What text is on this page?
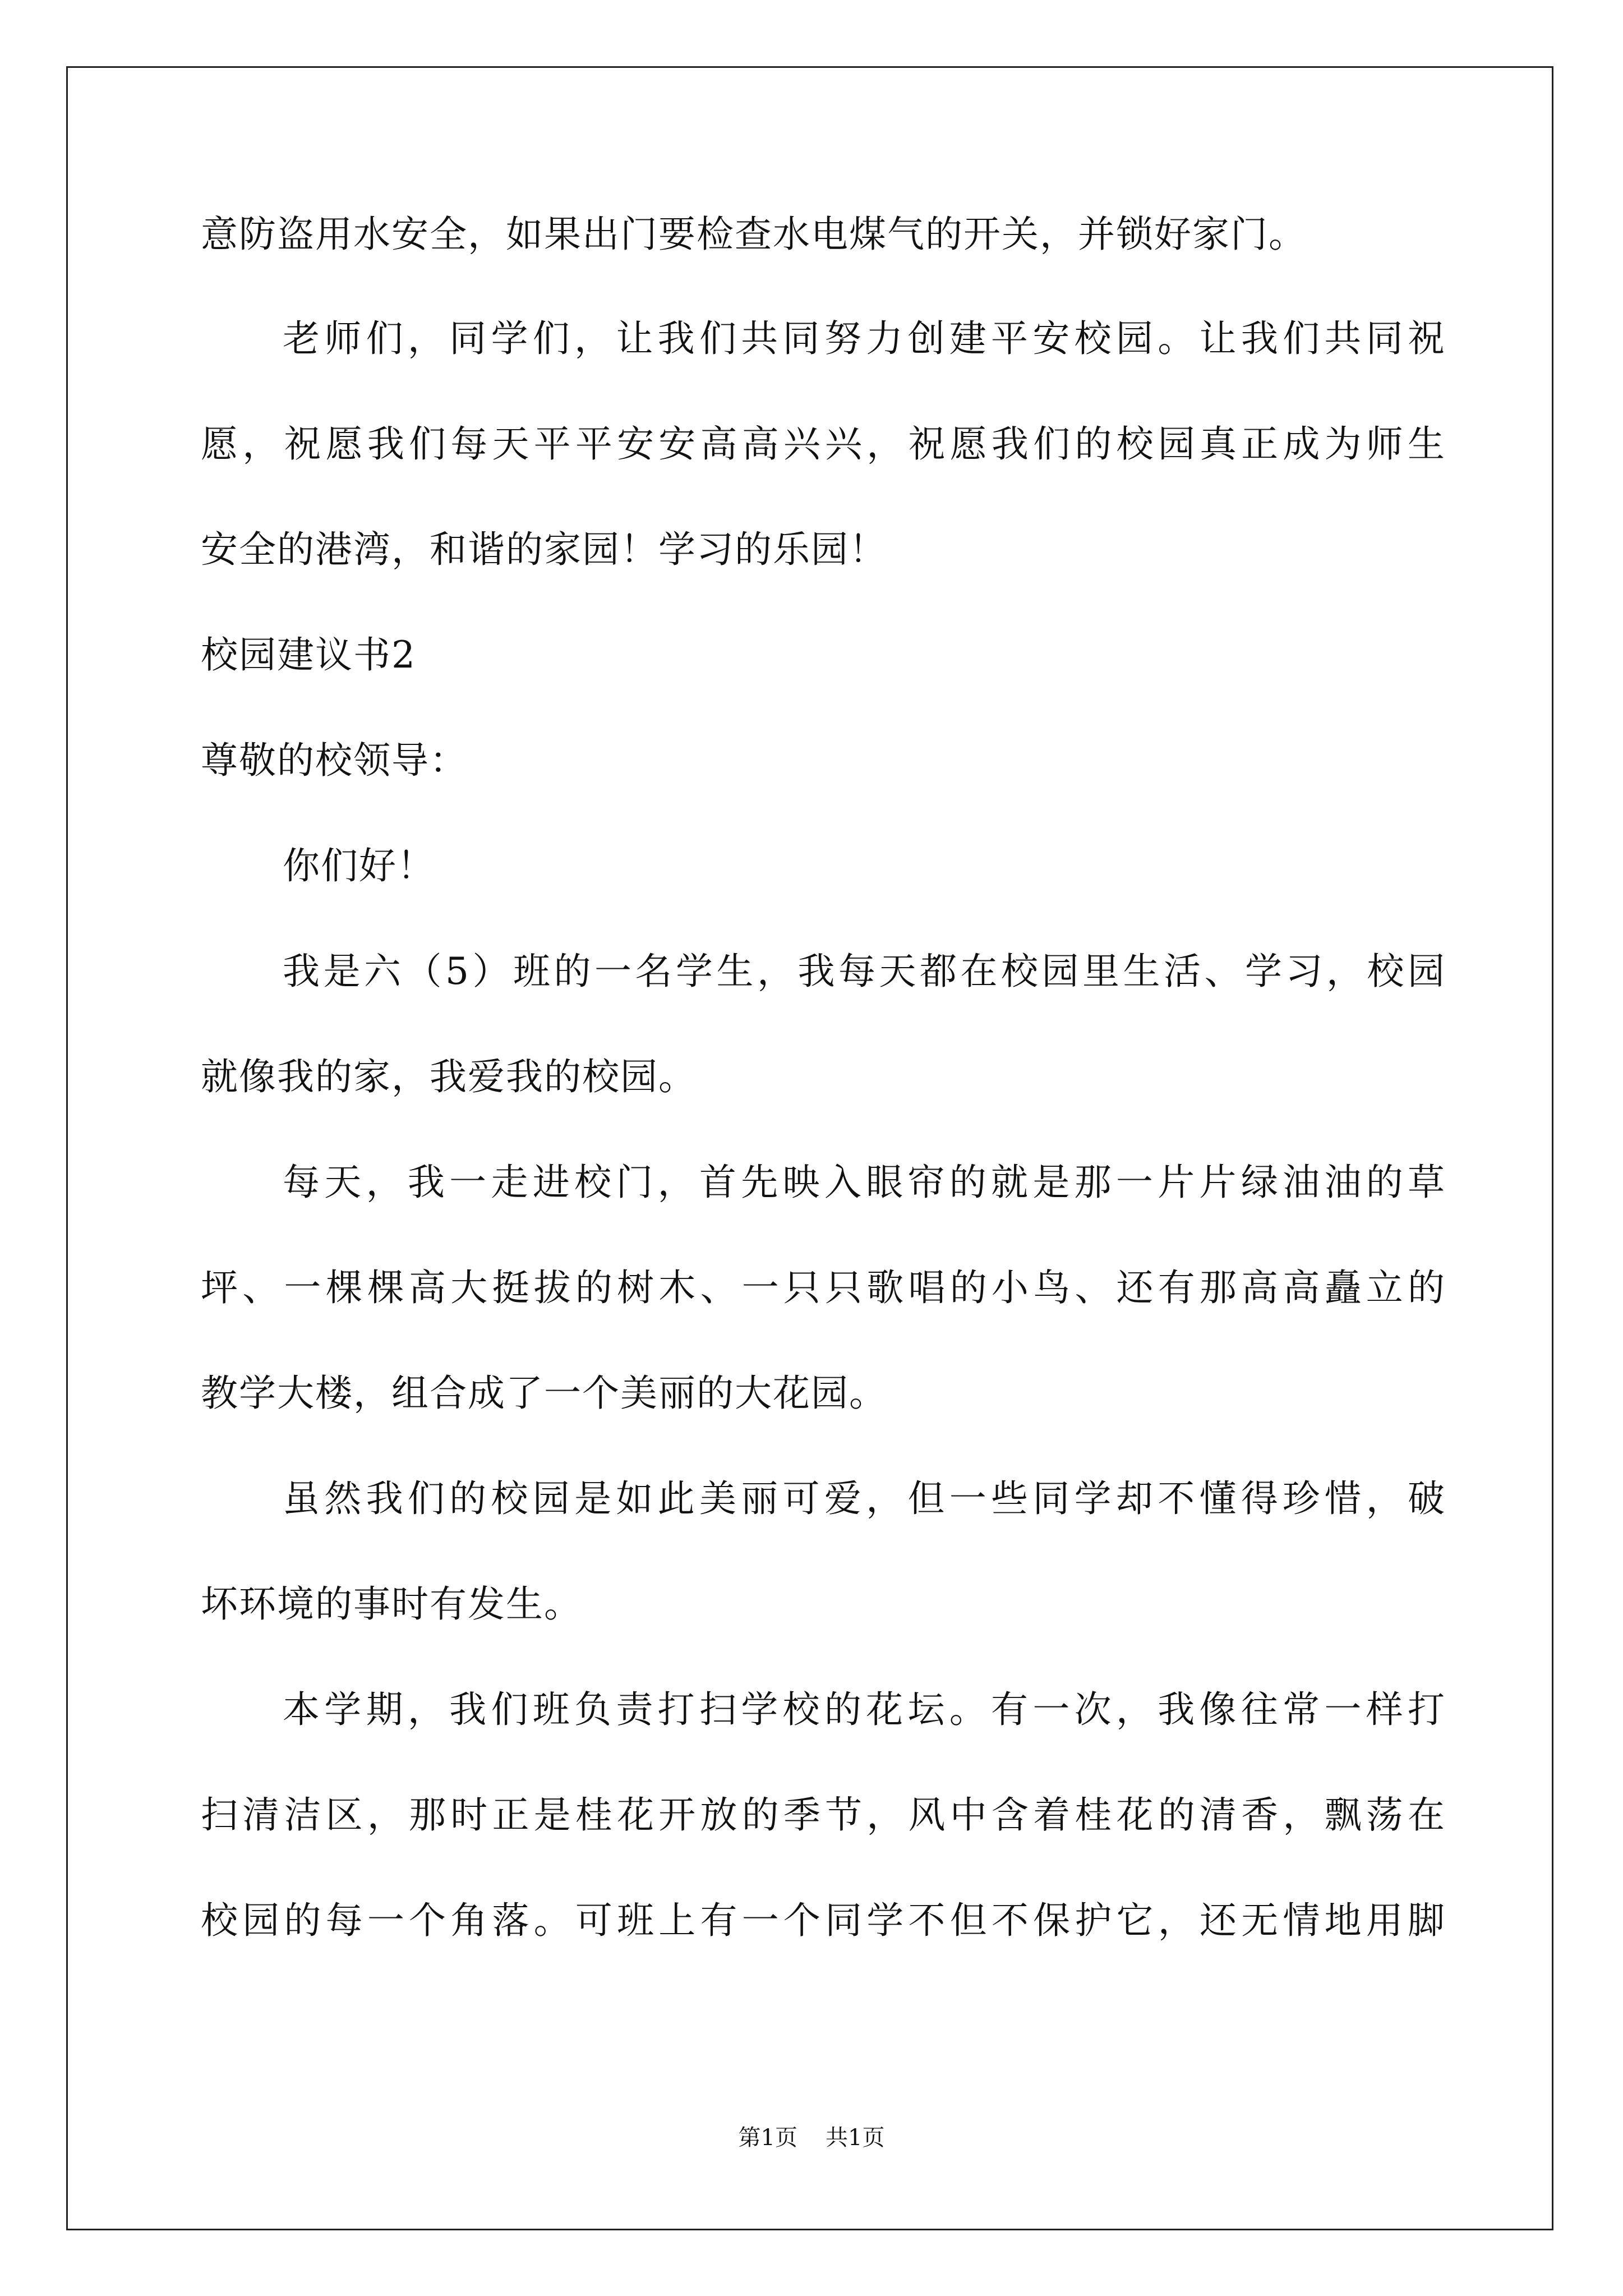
意防盗用水安全，如果出门要检查水电煤气的开关，并锁好家门。
老师们，同学们，让我们共同努力创建平安校园。让我们共同祝
愿，祝愿我们每天平平安安高高兴兴，祝愿我们的校园真正成为师生
安全的港湾，和谐的家园！学习的乐园！
校园建议书2
尊敬的校领导：
你们好！
我是六（5）班的一名学生，我每天都在校园里生活、学习，校园
就像我的家，我爱我的校园。
每天，我一走进校门，首先映入眼帘的就是那一片片绿油油的草
坪、一棵棵高大挺拔的树木、一只只歌唱的小鸟、还有那高高矗立的
教学大楼，组合成了一个美丽的大花园。
虽然我们的校园是如此美丽可爱，但一些同学却不懂得珍惜，破
坏环境的事时有发生。
本学期，我们班负责打扫学校的花坛。有一次，我像往常一样打
扫清洁区，那时正是桂花开放的季节，风中含着桂花的清香，飘荡在
校园的每一个角落。可班上有一个同学不但不保护它，还无情地用脚
第1页 共1页
